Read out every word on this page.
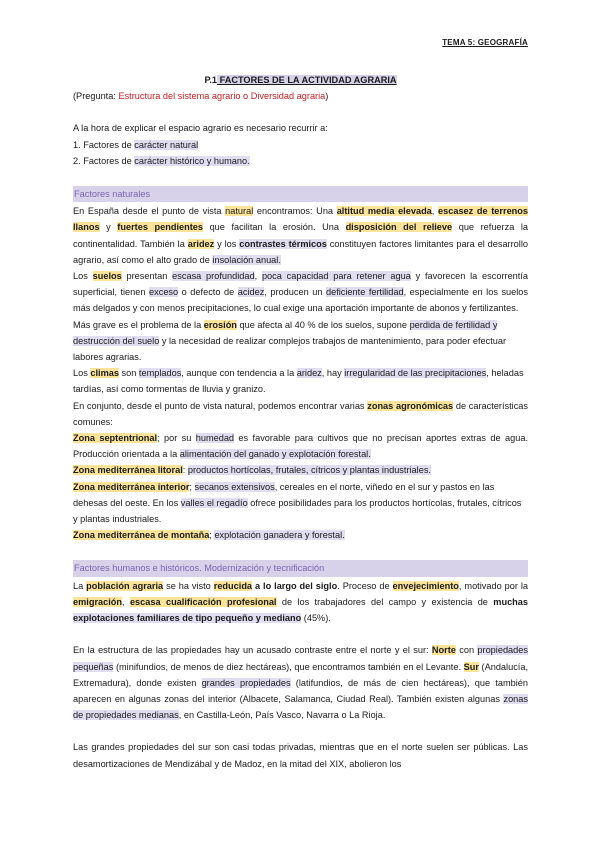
TEMA 5: GEOGRAFÍA

P.1 FACTORES DE LA ACTIVIDAD AGRARIA

(Pregunta: Estructura del sistema agrario o Diversidad agraria)

A la hora de explicar el espacio agrario es necesario recurrir a:

1. Factores de carácter natural

2. Factores de carácter histórico y humano.

Factores naturales

En España desde el punto de vista natural encontramos: Una altitud media elevada, escasez de terrenos llanos y fuertes pendientes que facilitan la erosión. Una disposición del relieve que refuerza la continentalidad. También la aridez y los contrastes térmicos constituyen factores limitantes para el desarrollo agrario, así como el alto grado de insolación anual.

Los suelos presentan escasa profundidad, poca capacidad para retener agua y favorecen la escorrentía superficial, tienen exceso o defecto de acidez, producen un deficiente fertilidad, especialmente en los suelos más delgados y con menos precipitaciones, lo cual exige una aportación importante de abonos y fertilizantes.

Más grave es el problema de la erosión que afecta al 40 % de los suelos, supone perdida de fertilidad y destrucción del suelo y la necesidad de realizar complejos trabajos de mantenimiento, para poder efectuar labores agrarias.

Los climas son templados, aunque con tendencia a la aridez, hay irregularidad de las precipitaciones, heladas tardías, así como tormentas de lluvia y granizo.

En conjunto, desde el punto de vista natural, podemos encontrar varias zonas agronómicas de características comunes:

Zona septentrional; por su humedad es favorable para cultivos que no precisan aportes extras de agua. Producción orientada a la alimentación del ganado y explotación forestal.

Zona mediterránea litoral: productos hortícolas, frutales, cítricos y plantas industriales.

Zona mediterránea interior; secanos extensivos, cereales en el norte, viñedo en el sur y pastos en las dehesas del oeste. En los valles el regadío ofrece posibilidades para los productos hortícolas, frutales, cítricos y plantas industriales.

Zona mediterránea de montaña; explotación ganadera y forestal.

Factores humanos e históricos. Modernización y tecnificación

La población agraria se ha visto reducida a lo largo del siglo. Proceso de envejecimiento, motivado por la emigración, escasa cualificación profesional de los trabajadores del campo y existencia de muchas explotaciones familiares de tipo pequeño y mediano (45%).

En la estructura de las propiedades hay un acusado contraste entre el norte y el sur: Norte con propiedades pequeñas (minifundios, de menos de diez hectáreas), que encontramos también en el Levante. Sur (Andalucía, Extremadura), donde existen grandes propiedades (latifundios, de más de cien hectáreas), que también aparecen en algunas zonas del interior (Albacete, Salamanca, Ciudad Real). También existen algunas zonas de propiedades medianas, en Castilla-León, País Vasco, Navarra o La Rioja.

Las grandes propiedades del sur son casi todas privadas, mientras que en el norte suelen ser públicas. Las desamortizaciones de Mendizábal y de Madoz, en la mitad del XIX, abolieron los
